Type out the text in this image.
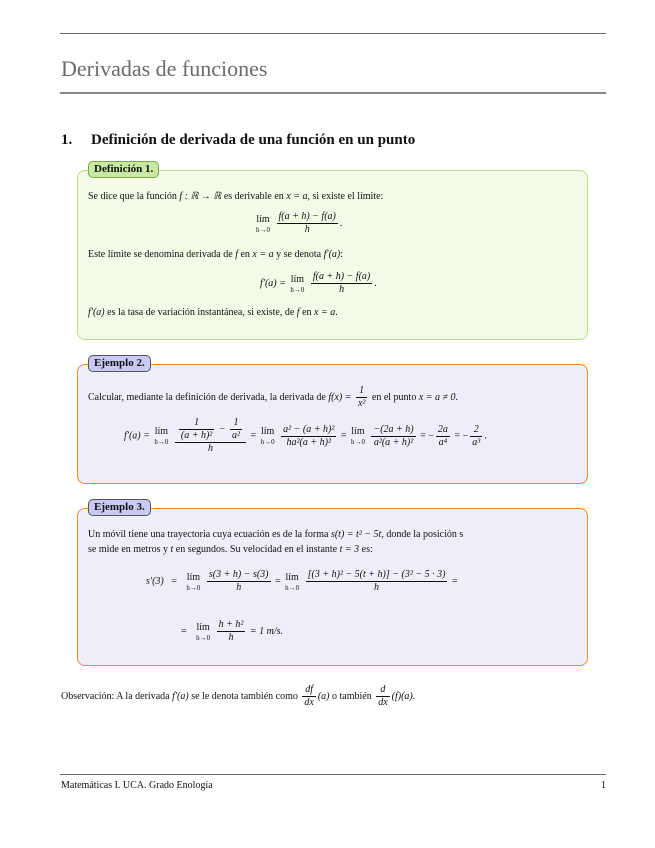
Derivadas de funciones
1. Definición de derivada de una función en un punto
Definición 1.
Se dice que la función f : ℝ → ℝ es derivable en x = a, si existe el límite:
lím
h→0
$\frac{f(a + h) - f(a)}{h}$ .
Este límite se denomina derivada de f en x = a y se denota f′(a):
f′(a) = lím
h→0
$\frac{f(a + h) - f(a)}{h}$ .
f′(a) es la tasa de variación instantánea, si existe, de f en x = a.
Ejemplo 2.
Calcular, mediante la definición de derivada, la derivada de $f(x) = \frac{1}{\text{x²}}$ en el punto x = a ≠ 0.
f′(a) = lím
h→0
$\frac{\frac{1}{\text{(a + h)²}} - \frac{1}{\text{a²}}}{h}$ = lím
h→0
$\frac{\text{a² − (a + h)²}}{\text{ha²(a + h)²}}$ = lím
h→0
$\frac{-(2a + h)}{\text{a²(a + h)²}}$ = − $\frac{2a}{\text{a⁴}}$ = − $\frac{2}{\text{a³}}$ .
Ejemplo 3.
Un móvil tiene una trayectoria cuya ecuación es de la forma s(t) = t² − 5t, donde la posición s
se mide en metros y t en segundos. Su velocidad en el instante t = 3 es:
s′(3) = lím
h→0
$\frac{s(3 + h) - s(3)}{h}$ = lím
h→0
$\frac{\text{[(3 + h)² − 5(t + h)] − (3² − 5 · 3)}}{h}$ =
= lím
h→0
$\frac{\text{h + h²}}{h} = 1$ m/s.
Observación: A la derivada f′(a) se le denota también como $\frac{df}{dx} (a)$ o también $\frac{d}{dx} (f)(a)$.
Matemáticas I. UCA. Grado Enología	1
